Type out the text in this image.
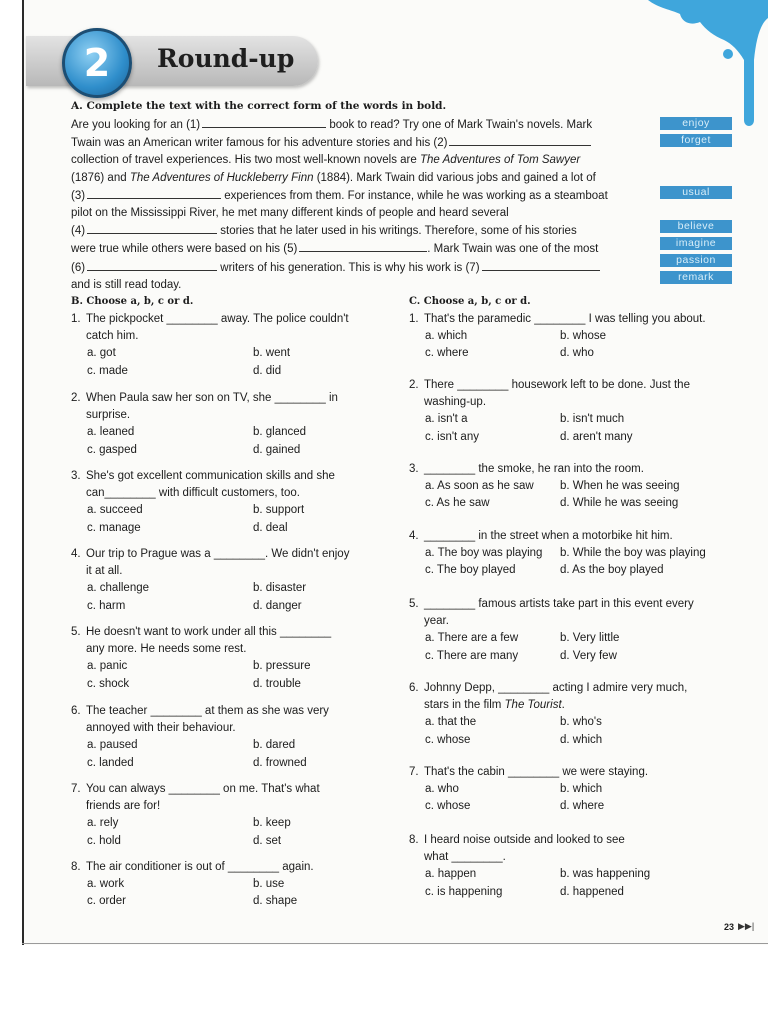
2 Round-up
A. Complete the text with the correct form of the words in bold.
Are you looking for an (1)	book to read? Try one of Mark Twain's novels. Mark
Twain was an American writer famous for his adventure stories and his (2)
collection of travel experiences. His two most well-known novels are The Adventures of Tom Sawyer
(1876) and The Adventures of Huckleberry Finn (1884). Mark Twain did various jobs and gained a lot of
(3)	experiences from them. For instance, while he was working as a steamboat
pilot on the Mississippi River, he met many different kinds of people and heard several
(4)	stories that he later used in his writings. Therefore, some of his stories
were true while others were based on his (5)	. Mark Twain was one of the most
(6)	writers of his generation. This is why his work is (7)
and is still read today.
enjoy
forget
usual
believe
imagine
passion
remark
B. Choose a, b, c or d.	C. Choose a, b, c or d.
1. The pickpocket ________ away. The police couldn't
catch him.
2. When Paula saw her son on TV, she ________ in
surprise.
3. She's got excellent communication skills and she
can________ with difficult customers, too.
4. Our trip to Prague was a ________. We didn't enjoy
it at all.
5. He doesn't want to work under all this ________
any more. He needs some rest.
6. The teacher ________ at them as she was very
annoyed with their behaviour.
7. You can always ________ on me. That's what
friends are for!
8. The air conditioner is out of ________ again.
a. got	b. went
c. made	d. did
a. leaned	b. glanced
c. gasped	d. gained
a. succeed	b. support
c. manage	d. deal
a. challenge	b. disaster
c. harm	d. danger
a. panic	b. pressure
c. shock	d. trouble
a. paused	b. dared
c. landed	d. frowned
a. rely	b. keep
c. hold	d. set
a. work	b. use
c. order	d. shape
1. That's the paramedic ________ I was telling you about.
2. There ________ housework left to be done. Just the
washing-up.
3. ________ the smoke, he ran into the room.
4. ________ in the street when a motorbike hit him.
5. ________ famous artists take part in this event every
year.
6. Johnny Depp, ________ acting I admire very much,
stars in the film The Tourist.
7. That's the cabin ________ we were staying.
8. I heard noise outside and looked to see
what ________.
a. which	b. whose
c. where	d. who
a. isn't a	b. isn't much
c. isn't any	d. aren't many
a. As soon as he saw b. When he was seeing
c. As he saw	d. While he was seeing
a. The boy was playing b. While the boy was playing
c. The boy played	d. As the boy played
a. There are a few	b. Very little
c. There are many	d. Very few
a. that the	b. who's
c. whose	d. which
a. who	b. which
c. whose	d. where
a. happen	b. was happening
c. is happening	d. happened
23 ▶▶|
